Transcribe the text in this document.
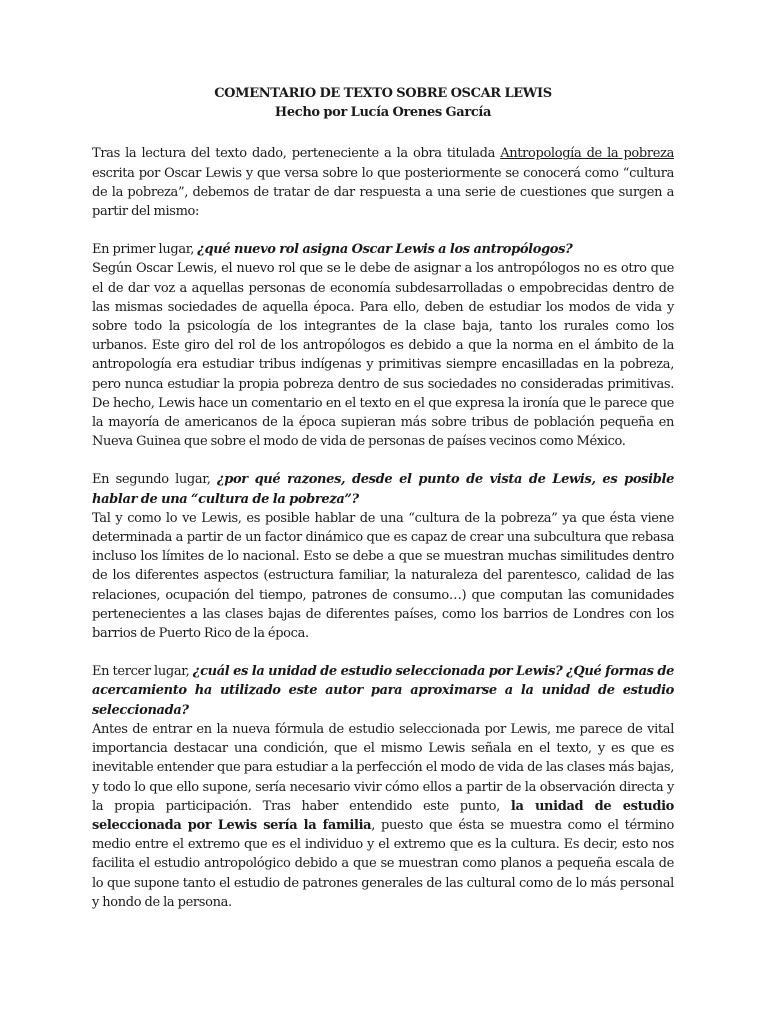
COMENTARIO DE TEXTO SOBRE OSCAR LEWIS

Hecho por Lucía Orenes García

Tras la lectura del texto dado, perteneciente a la obra titulada Antropología de la pobreza escrita por Oscar Lewis y que versa sobre lo que posteriormente se conocerá como “cultura de la pobreza”, debemos de tratar de dar respuesta a una serie de cuestiones que surgen a partir del mismo:

En primer lugar, ¿qué nuevo rol asigna Oscar Lewis a los antropólogos?

Según Oscar Lewis, el nuevo rol que se le debe de asignar a los antropólogos no es otro que el de dar voz a aquellas personas de economía subdesarrolladas o empobrecidas dentro de las mismas sociedades de aquella época. Para ello, deben de estudiar los modos de vida y sobre todo la psicología de los integrantes de la clase baja, tanto los rurales como los urbanos. Este giro del rol de los antropólogos es debido a que la norma en el ámbito de la antropología era estudiar tribus indígenas y primitivas siempre encasilladas en la pobreza, pero nunca estudiar la propia pobreza dentro de sus sociedades no consideradas primitivas. De hecho, Lewis hace un comentario en el texto en el que expresa la ironía que le parece que la mayoría de americanos de la época supieran más sobre tribus de población pequeña en Nueva Guinea que sobre el modo de vida de personas de países vecinos como México.

En segundo lugar, ¿por qué razones, desde el punto de vista de Lewis, es posible hablar de una “cultura de la pobreza”?

Tal y como lo ve Lewis, es posible hablar de una “cultura de la pobreza” ya que ésta viene determinada a partir de un factor dinámico que es capaz de crear una subcultura que rebasa incluso los límites de lo nacional. Esto se debe a que se muestran muchas similitudes dentro de los diferentes aspectos (estructura familiar, la naturaleza del parentesco, calidad de las relaciones, ocupación del tiempo, patrones de consumo…) que computan las comunidades pertenecientes a las clases bajas de diferentes países, como los barrios de Londres con los barrios de Puerto Rico de la época.

En tercer lugar, ¿cuál es la unidad de estudio seleccionada por Lewis? ¿Qué formas de acercamiento ha utilizado este autor para aproximarse a la unidad de estudio seleccionada?

Antes de entrar en la nueva fórmula de estudio seleccionada por Lewis, me parece de vital importancia destacar una condición, que el mismo Lewis señala en el texto, y es que es inevitable entender que para estudiar a la perfección el modo de vida de las clases más bajas, y todo lo que ello supone, sería necesario vivir cómo ellos a partir de la observación directa y la propia participación. Tras haber entendido este punto, la unidad de estudio seleccionada por Lewis sería la familia, puesto que ésta se muestra como el término medio entre el extremo que es el individuo y el extremo que es la cultura. Es decir, esto nos facilita el estudio antropológico debido a que se muestran como planos a pequeña escala de lo que supone tanto el estudio de patrones generales de las cultural como de lo más personal y hondo de la persona.
